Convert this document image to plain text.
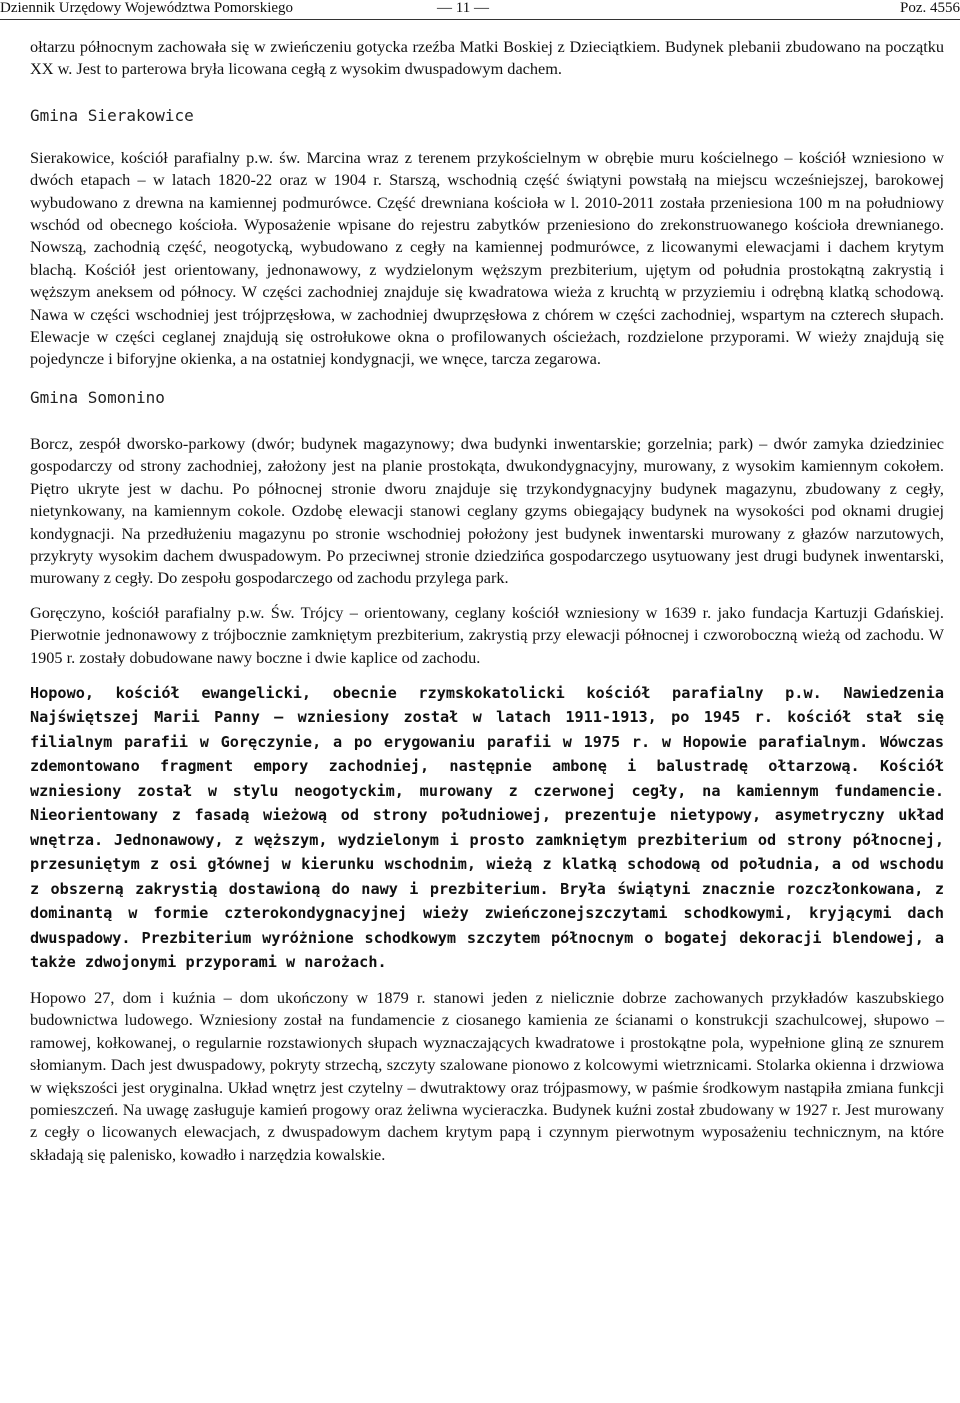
Dziennik Urzędowy Województwa Pomorskiego	— 11 —	Poz. 4556

ołtarzu północnym zachowała się w zwieńczeniu gotycka rzeźba Matki Boskiej z Dzieciątkiem. Budynek plebanii zbudowano na początku XX w. Jest to parterowa bryła licowana cegłą z wysokim dwuspadowym dachem.

Gmina Sierakowice

Sierakowice, kościół parafialny p.w. św. Marcina wraz z terenem przykościelnym w obrębie muru kościelnego – kościół wzniesiono w dwóch etapach – w latach 1820-22 oraz w 1904 r. Starszą, wschodnią część świątyni powstałą na miejscu wcześniejszej, barokowej wybudowano z drewna na kamiennej podmurówce. Część drewniana kościoła w l. 2010-2011 została przeniesiona 100 m na południowy wschód od obecnego kościoła. Wyposażenie wpisane do rejestru zabytków przeniesiono do zrekonstruowanego kościoła drewnianego. Nowszą, zachodnią część, neogotycką, wybudowano z cegły na kamiennej podmurówce, z licowanymi elewacjami i dachem krytym blachą. Kościół jest orientowany, jednonawowy, z wydzielonym węższym prezbiterium, ujętym od południa prostokątną zakrystią i węższym aneksem od północy. W części zachodniej znajduje się kwadratowa wieża z kruchtą w przyziemiu i odrębną klatką schodową. Nawa w części wschodniej jest trójprzęsłowa, w zachodniej dwuprzęsłowa z chórem w części zachodniej, wspartym na czterech słupach. Elewacje w części ceglanej znajdują się ostrołukowe okna o profilowanych ościeżach, rozdzielone przyporami. W wieży znajdują się pojedyncze i biforyjne okienka, a na ostatniej kondygnacji, we wnęce, tarcza zegarowa.

Gmina Somonino

Borcz, zespół dworsko-parkowy (dwór; budynek magazynowy; dwa budynki inwentarskie; gorzelnia; park) – dwór zamyka dziedziniec gospodarczy od strony zachodniej, założony jest na planie prostokąta, dwukondygnacyjny, murowany, z wysokim kamiennym cokołem. Piętro ukryte jest w dachu. Po północnej stronie dworu znajduje się trzykondygnacyjny budynek magazynu, zbudowany z cegły, nietynkowany, na kamiennym cokole. Ozdobę elewacji stanowi ceglany gzyms obiegający budynek na wysokości pod oknami drugiej kondygnacji. Na przedłużeniu magazynu po stronie wschodniej położony jest budynek inwentarski murowany z głazów narzutowych, przykryty wysokim dachem dwuspadowym. Po przeciwnej stronie dziedzińca gospodarczego usytuowany jest drugi budynek inwentarski, murowany z cegły. Do zespołu gospodarczego od zachodu przylega park.

Goręczyno, kościół parafialny p.w. Św. Trójcy – orientowany, ceglany kościół wzniesiony w 1639 r. jako fundacja Kartuzji Gdańskiej. Pierwotnie jednonawowy z trójbocznie zamkniętym prezbiterium, zakrystią przy elewacji północnej i czworoboczną wieżą od zachodu. W 1905 r. zostały dobudowane nawy boczne i dwie kaplice od zachodu.

Hopowo, kościół ewangelicki, obecnie rzymskokatolicki kościół parafialny p.w. Nawiedzenia Najświętszej Marii Panny – wzniesiony został w latach 1911-1913, po 1945 r. kościół stał się filialnym parafii w Goręczynie, a po erygowaniu parafii w 1975 r. w Hopowie parafialnym. Wówczas zdemontowano fragment empory zachodniej, następnie ambonę i balustradę ołtarzową. Kościół wzniesiony został w stylu neogotyckim, murowany z czerwonej cegły, na kamiennym fundamencie. Nieorientowany z fasadą wieżową od strony południowej, prezentuje nietypowy, asymetryczny układ wnętrza. Jednonawowy, z węższym, wydzielonym i prosto zamkniętym prezbiterium od strony północnej, przesuniętym z osi głównej w kierunku wschodnim, wieżą z klatką schodową od południa, a od wschodu z obszerną zakrystią dostawioną do nawy i prezbiterium. Bryła świątyni znacznie rozczłonkowana, z dominantą w formie czterokondygnacyjnej wieży zwieńczonejszczytami schodkowymi, kryjącymi dach dwuspadowy. Prezbiterium wyróżnione schodkowym szczytem północnym o bogatej dekoracji blendowej, a także zdwojonymi przyporami w narożach.

Hopowo 27, dom i kuźnia – dom ukończony w 1879 r. stanowi jeden z nielicznie dobrze zachowanych przykładów kaszubskiego budownictwa ludowego. Wzniesiony został na fundamencie z ciosanego kamienia ze ścianami o konstrukcji szachulcowej, słupowo – ramowej, kołkowanej, o regularnie rozstawionych słupach wyznaczających kwadratowe i prostokątne pola, wypełnione gliną ze sznurem słomianym. Dach jest dwuspadowy, pokryty strzechą, szczyty szalowane pionowo z kolcowymi wietrznicami. Stolarka okienna i drzwiowa w większości jest oryginalna. Układ wnętrz jest czytelny – dwutraktowy oraz trójpasmowy, w paśmie środkowym nastąpiła zmiana funkcji pomieszczeń. Na uwagę zasługuje kamień progowy oraz żeliwna wycieraczka. Budynek kuźni został zbudowany w 1927 r. Jest murowany z cegły o licowanych elewacjach, z dwuspadowym dachem krytym papą i czynnym pierwotnym wyposażeniu technicznym, na które składają się palenisko, kowadło i narzędzia kowalskie.
